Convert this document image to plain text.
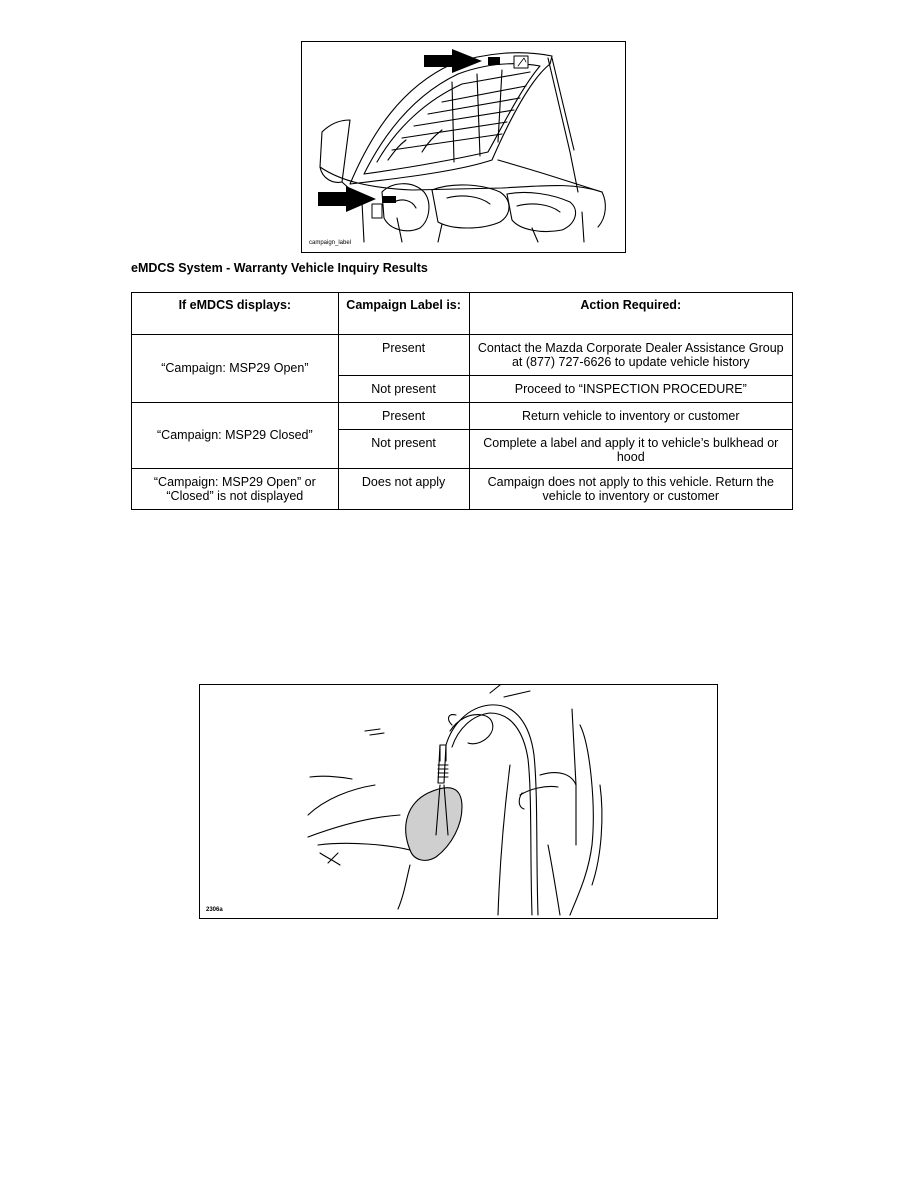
campaign_label
eMDCS System - Warranty Vehicle Inquiry Results
If eMDCS displays:	Campaign Label is:	Action Required:
“Campaign: MSP29 Open”	Present	Contact the Mazda Corporate Dealer Assistance Group at (877) 727-6626 to update vehicle history
	Not present	Proceed to “INSPECTION PROCEDURE”
“Campaign: MSP29 Closed”	Present	Return vehicle to inventory or customer
	Not present	Complete a label and apply it to vehicle’s bulkhead or hood
“Campaign: MSP29 Open” or “Closed” is not displayed	Does not apply	Campaign does not apply to this vehicle. Return the vehicle to inventory or customer
2306a
